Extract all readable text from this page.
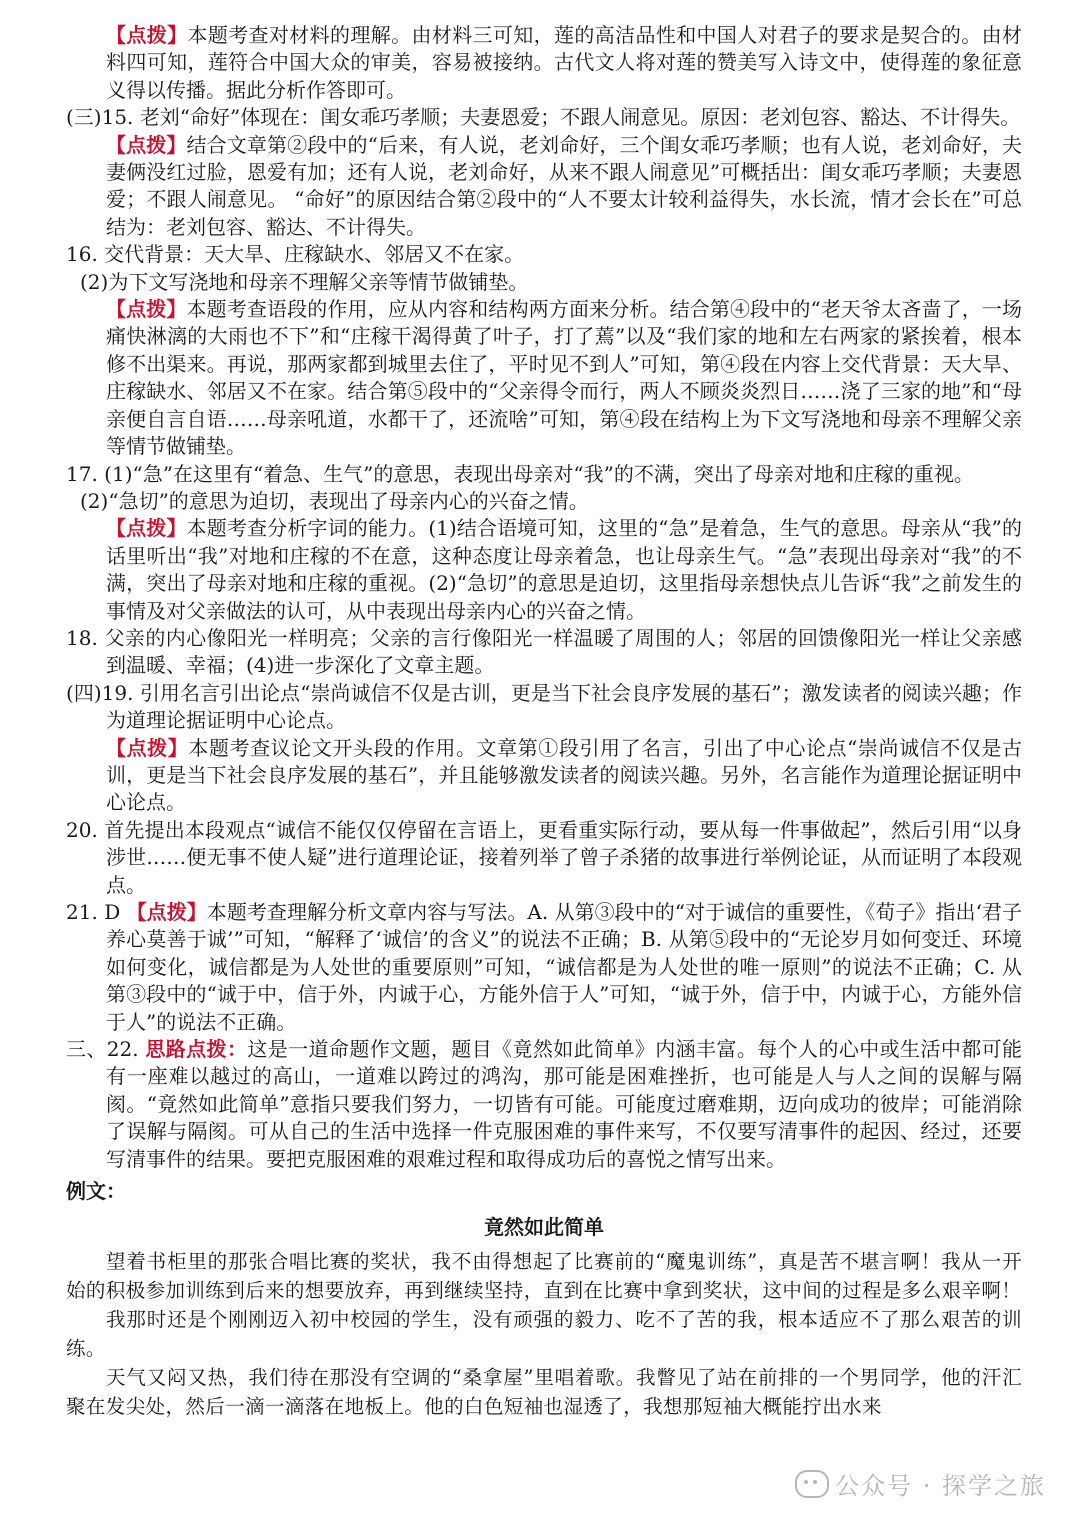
【点拨】本题考查对材料的理解。由材料三可知，莲的高洁品性和中国人对君子的要求是契合的。由材料四可知，莲符合中国大众的审美，容易被接纳。古代文人将对莲的赞美写入诗文中，使得莲的象征意义得以传播。据此分析作答即可。

(三)15. 老刘“命好”体现在：闺女乖巧孝顺；夫妻恩爱；不跟人闹意见。原因：老刘包容、豁达、不计得失。

【点拨】结合文章第②段中的“后来，有人说，老刘命好，三个闺女乖巧孝顺；也有人说，老刘命好，夫妻俩没红过脸，恩爱有加；还有人说，老刘命好，从来不跟人闹意见”可概括出：闺女乖巧孝顺；夫妻恩爱；不跟人闹意见。 “命好”的原因结合第②段中的“人不要太计较利益得失，水长流，情才会长在”可总结为：老刘包容、豁达、不计得失。

16. 交代背景：天大旱、庄稼缺水、邻居又不在家。

(2)为下文写浇地和母亲不理解父亲等情节做铺垫。

【点拨】本题考查语段的作用，应从内容和结构两方面来分析。结合第④段中的“老天爷太吝啬了，一场痛快淋漓的大雨也不下”和“庄稼干渴得黄了叶子，打了蔫”以及“我们家的地和左右两家的紧挨着，根本修不出渠来。再说，那两家都到城里去住了，平时见不到人”可知，第④段在内容上交代背景：天大旱、庄稼缺水、邻居又不在家。结合第⑤段中的“父亲得令而行，两人不顾炎炎烈日……浇了三家的地”和“母亲便自言自语……母亲吼道，水都干了，还流啥”可知，第④段在结构上为下文写浇地和母亲不理解父亲等情节做铺垫。

17. (1)“急”在这里有“着急、生气”的意思，表现出母亲对“我”的不满，突出了母亲对地和庄稼的重视。

(2)“急切”的意思为迫切，表现出了母亲内心的兴奋之情。

【点拨】本题考查分析字词的能力。(1)结合语境可知，这里的“急”是着急，生气的意思。母亲从“我”的话里听出“我”对地和庄稼的不在意，这种态度让母亲着急，也让母亲生气。“急”表现出母亲对“我”的不满，突出了母亲对地和庄稼的重视。(2)“急切”的意思是迫切，这里指母亲想快点儿告诉“我”之前发生的事情及对父亲做法的认可，从中表现出母亲内心的兴奋之情。

18. 父亲的内心像阳光一样明亮；父亲的言行像阳光一样温暖了周围的人；邻居的回馈像阳光一样让父亲感到温暖、幸福；(4)进一步深化了文章主题。

(四)19. 引用名言引出论点“崇尚诚信不仅是古训，更是当下社会良序发展的基石”；激发读者的阅读兴趣；作为道理论据证明中心论点。

【点拨】本题考查议论文开头段的作用。文章第①段引用了名言，引出了中心论点“崇尚诚信不仅是古训，更是当下社会良序发展的基石”，并且能够激发读者的阅读兴趣。另外，名言能作为道理论据证明中心论点。

20. 首先提出本段观点“诚信不能仅仅停留在言语上，更看重实际行动，要从每一件事做起”，然后引用“以身涉世……便无事不使人疑”进行道理论证，接着列举了曾子杀猪的故事进行举例论证，从而证明了本段观点。

21. D 【点拨】本题考查理解分析文章内容与写法。A. 从第③段中的“对于诚信的重要性，《荀子》指出‘君子养心莫善于诚’”可知，“解释了‘诚信’的含义”的说法不正确；B. 从第⑤段中的“无论岁月如何变迁、环境如何变化，诚信都是为人处世的重要原则”可知，“诚信都是为人处世的唯一原则”的说法不正确；C. 从第③段中的“诚于中，信于外，内诚于心，方能外信于人”可知，“诚于外，信于中，内诚于心，方能外信于人”的说法不正确。

三、22. 思路点拨：这是一道命题作文题，题目《竟然如此简单》内涵丰富。每个人的心中或生活中都可能有一座难以越过的高山，一道难以跨过的鸿沟，那可能是困难挫折，也可能是人与人之间的误解与隔阂。“竟然如此简单”意指只要我们努力，一切皆有可能。可能度过磨难期，迈向成功的彼岸；可能消除了误解与隔阂。可从自己的生活中选择一件克服困难的事件来写，不仅要写清事件的起因、经过，还要写清事件的结果。要把克服困难的艰难过程和取得成功后的喜悦之情写出来。

例文：

竟然如此简单

望着书柜里的那张合唱比赛的奖状，我不由得想起了比赛前的“魔鬼训练”，真是苦不堪言啊！我从一开始的积极参加训练到后来的想要放弃，再到继续坚持，直到在比赛中拿到奖状，这中间的过程是多么艰辛啊！

我那时还是个刚刚迈入初中校园的学生，没有顽强的毅力、吃不了苦的我，根本适应不了那么艰苦的训练。

天气又闷又热，我们待在那没有空调的“桑拿屋”里唱着歌。我瞥见了站在前排的一个男同学，他的汗汇聚在发尖处，然后一滴一滴落在地板上。他的白色短袖也湿透了，我想那短袖大概能拧出水来

公众号 · 探学之旅
